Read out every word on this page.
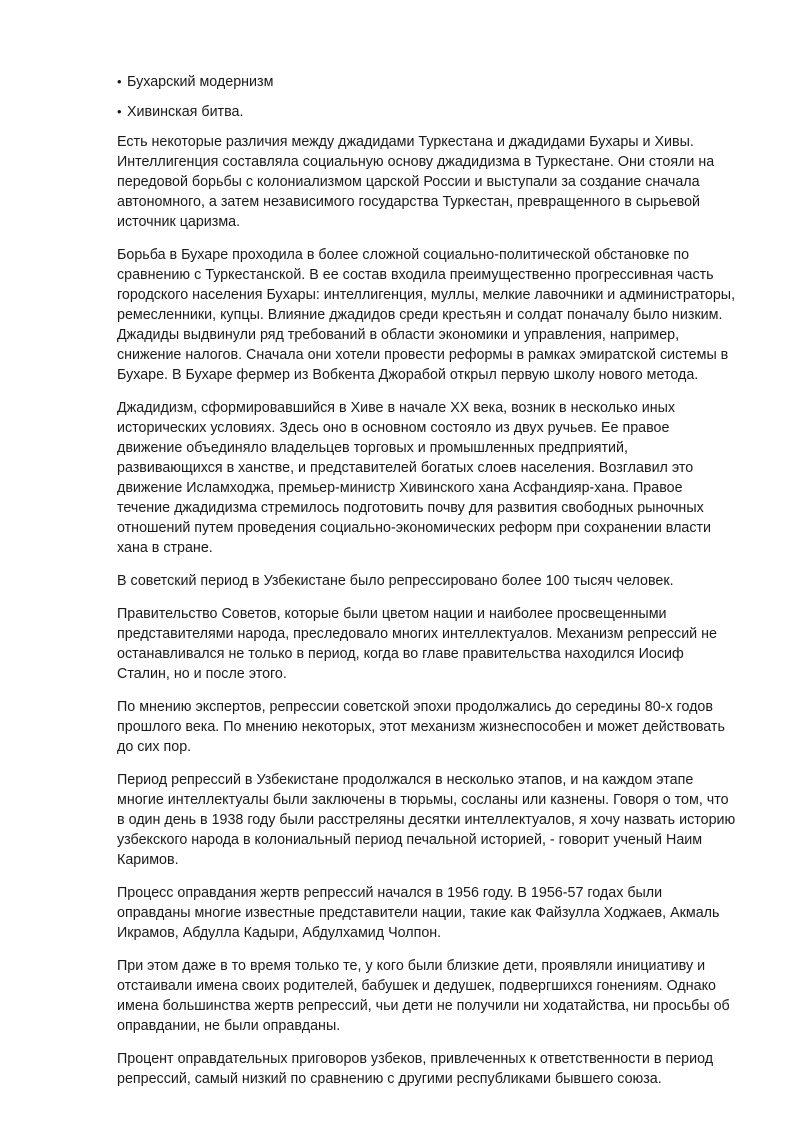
• Бухарский модернизм
• Хивинская битва.

Есть некоторые различия между джадидами Туркестана и джадидами Бухары и Хивы. Интеллигенция составляла социальную основу джадидизма в Туркестане. Они стояли на передовой борьбы с колониализмом царской России и выступали за создание сначала автономного, а затем независимого государства Туркестан, превращенного в сырьевой источник царизма.

Борьба в Бухаре проходила в более сложной социально-политической обстановке по сравнению с Туркестанской. В ее состав входила преимущественно прогрессивная часть городского населения Бухары: интеллигенция, муллы, мелкие лавочники и администраторы, ремесленники, купцы. Влияние джадидов среди крестьян и солдат поначалу было низким. Джадиды выдвинули ряд требований в области экономики и управления, например, снижение налогов. Сначала они хотели провести реформы в рамках эмиратской системы в Бухаре. В Бухаре фермер из Вобкента Джорабой открыл первую школу нового метода.

Джадидизм, сформировавшийся в Хиве в начале XX века, возник в несколько иных исторических условиях. Здесь оно в основном состояло из двух ручьев. Ее правое движение объединяло владельцев торговых и промышленных предприятий, развивающихся в ханстве, и представителей богатых слоев населения. Возглавил это движение Исламходжа, премьер-министр Хивинского хана Асфандияр-хана. Правое течение джадидизма стремилось подготовить почву для развития свободных рыночных отношений путем проведения социально-экономических реформ при сохранении власти хана в стране.

В советский период в Узбекистане было репрессировано более 100 тысяч человек.

Правительство Советов, которые были цветом нации и наиболее просвещенными представителями народа, преследовало многих интеллектуалов. Механизм репрессий не останавливался не только в период, когда во главе правительства находился Иосиф Сталин, но и после этого.

По мнению экспертов, репрессии советской эпохи продолжались до середины 80-х годов прошлого века. По мнению некоторых, этот механизм жизнеспособен и может действовать до сих пор.

Период репрессий в Узбекистане продолжался в несколько этапов, и на каждом этапе многие интеллектуалы были заключены в тюрьмы, сосланы или казнены. Говоря о том, что в один день в 1938 году были расстреляны десятки интеллектуалов, я хочу назвать историю узбекского народа в колониальный период печальной историей, - говорит ученый Наим Каримов.

Процесс оправдания жертв репрессий начался в 1956 году. В 1956-57 годах были оправданы многие известные представители нации, такие как Файзулла Ходжаев, Акмаль Икрамов, Абдулла Кадыри, Абдулхамид Чолпон.

При этом даже в то время только те, у кого были близкие дети, проявляли инициативу и отстаивали имена своих родителей, бабушек и дедушек, подвергшихся гонениям. Однако имена большинства жертв репрессий, чьи дети не получили ни ходатайства, ни просьбы об оправдании, не были оправданы.

Процент оправдательных приговоров узбеков, привлеченных к ответственности в период репрессий, самый низкий по сравнению с другими республиками бывшего союза.
